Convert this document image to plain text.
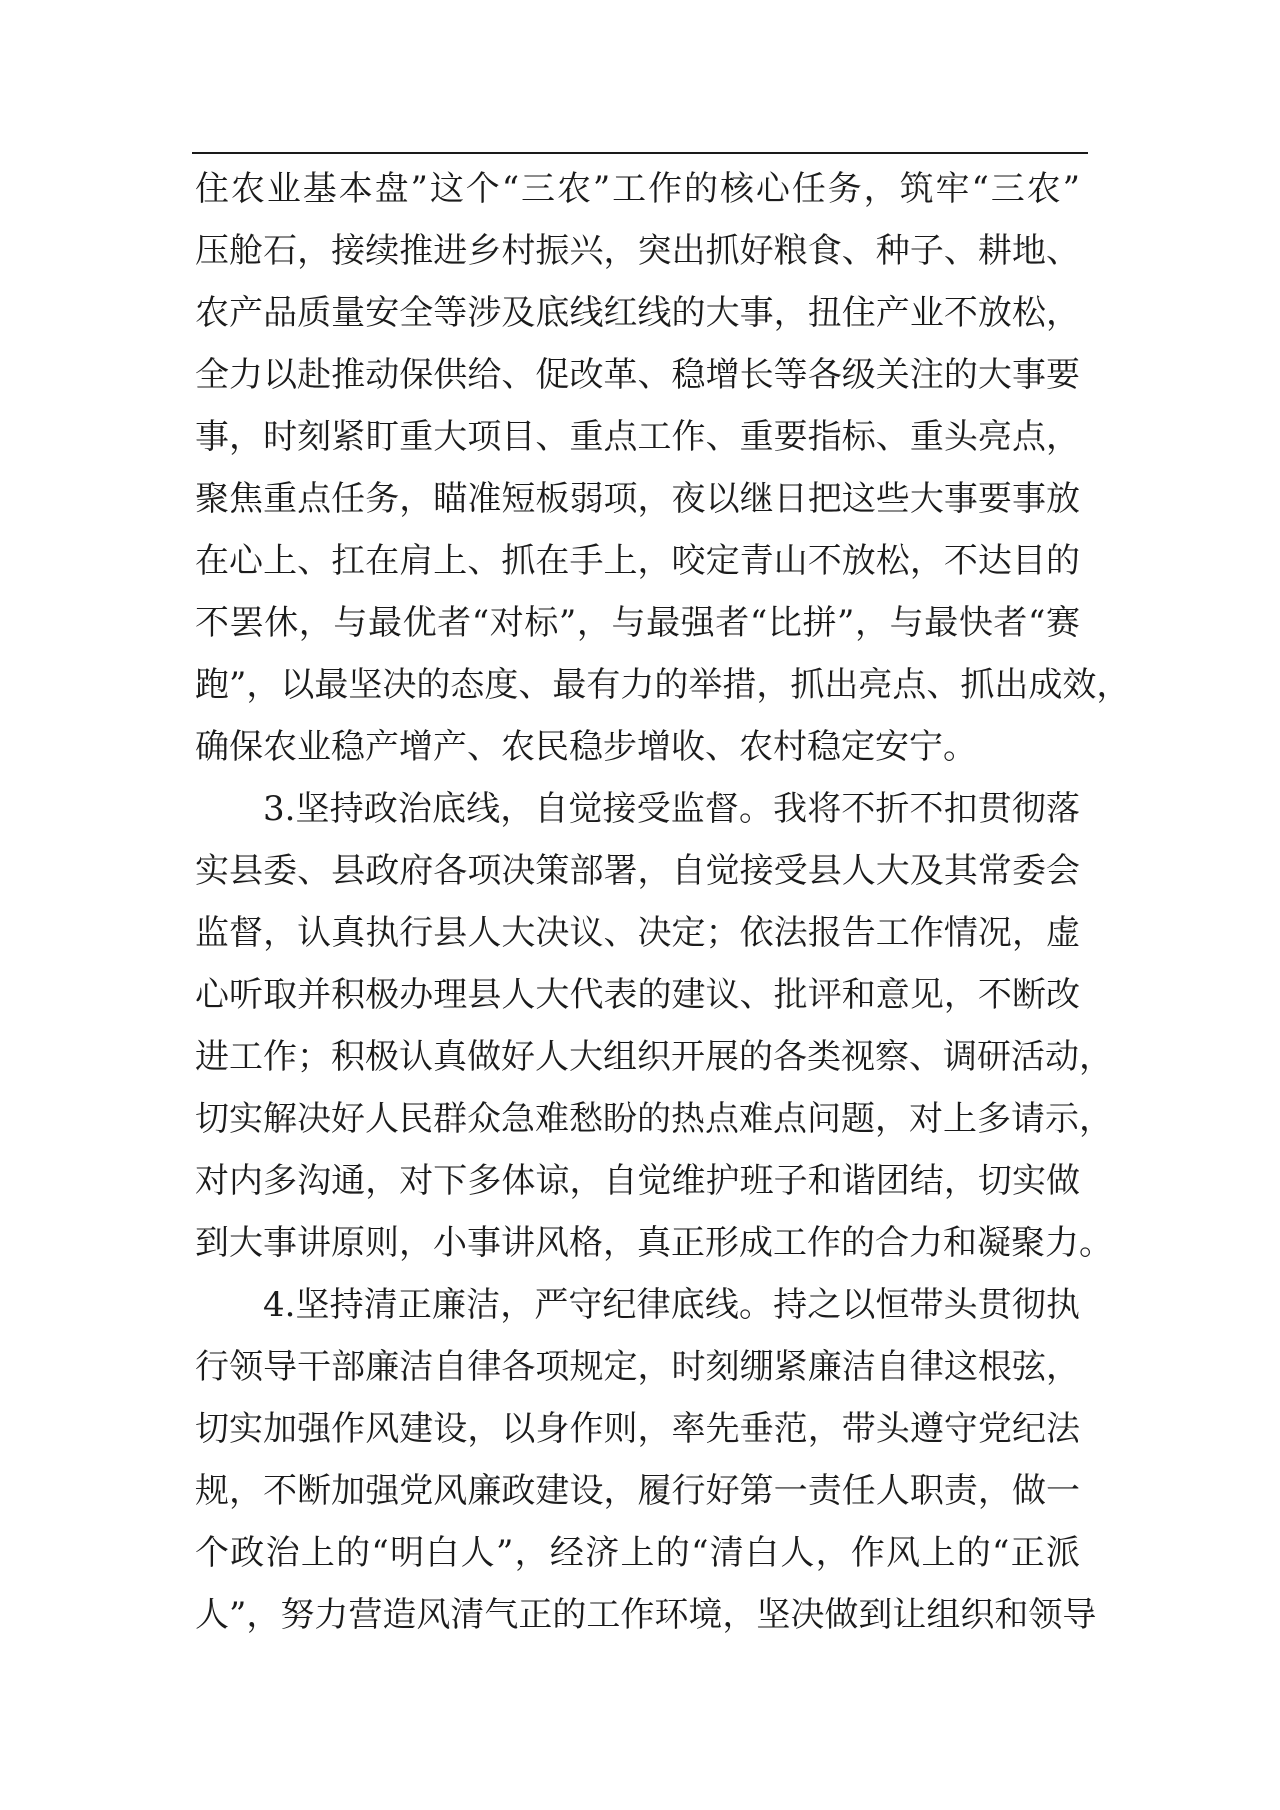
住农业基本盘”这个“三农”工作的核心任务，筑牢“三农”
压舱石，接续推进乡村振兴，突出抓好粮食、种子、耕地、
农产品质量安全等涉及底线红线的大事，扭住产业不放松，
全力以赴推动保供给、促改革、稳增长等各级关注的大事要
事，时刻紧盯重大项目、重点工作、重要指标、重头亮点，
聚焦重点任务，瞄准短板弱项，夜以继日把这些大事要事放
在心上、扛在肩上、抓在手上，咬定青山不放松，不达目的
不罢休，与最优者“对标”，与最强者“比拼”，与最快者“赛
跑”，以最坚决的态度、最有力的举措，抓出亮点、抓出成效，
确保农业稳产增产、农民稳步增收、农村稳定安宁。
3.坚持政治底线，自觉接受监督。我将不折不扣贯彻落
实县委、县政府各项决策部署，自觉接受县人大及其常委会
监督，认真执行县人大决议、决定；依法报告工作情况，虚
心听取并积极办理县人大代表的建议、批评和意见，不断改
进工作；积极认真做好人大组织开展的各类视察、调研活动，
切实解决好人民群众急难愁盼的热点难点问题，对上多请示，
对内多沟通，对下多体谅，自觉维护班子和谐团结，切实做
到大事讲原则，小事讲风格，真正形成工作的合力和凝聚力。
4.坚持清正廉洁，严守纪律底线。持之以恒带头贯彻执
行领导干部廉洁自律各项规定，时刻绷紧廉洁自律这根弦，
切实加强作风建设，以身作则，率先垂范，带头遵守党纪法
规，不断加强党风廉政建设，履行好第一责任人职责，做一
个政治上的“明白人”，经济上的“清白人，作风上的“正派
人”，努力营造风清气正的工作环境，坚决做到让组织和领导
